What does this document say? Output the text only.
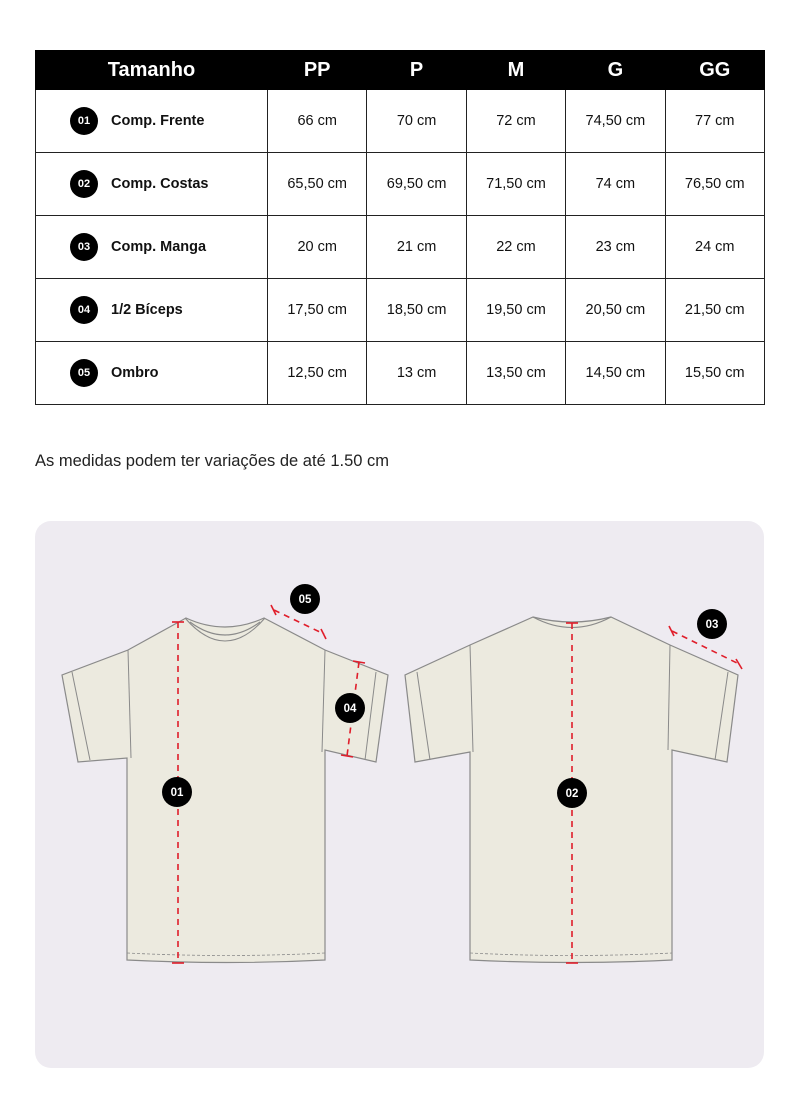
Tamanho	PP	P	M	G	GG

01 Comp. Frente	66 cm	70 cm	72 cm	74,50 cm	77 cm

02 Comp. Costas	65,50 cm	69,50 cm	71,50 cm	74 cm	76,50 cm

03 Comp. Manga	20 cm	21 cm	22 cm	23 cm	24 cm

04 1/2 Bíceps	17,50 cm	18,50 cm	19,50 cm	20,50 cm	21,50 cm

05 Ombro	12,50 cm	13 cm	13,50 cm	14,50 cm	15,50 cm

As medidas podem ter variações de até 1.50 cm

01	02
03
04
05
